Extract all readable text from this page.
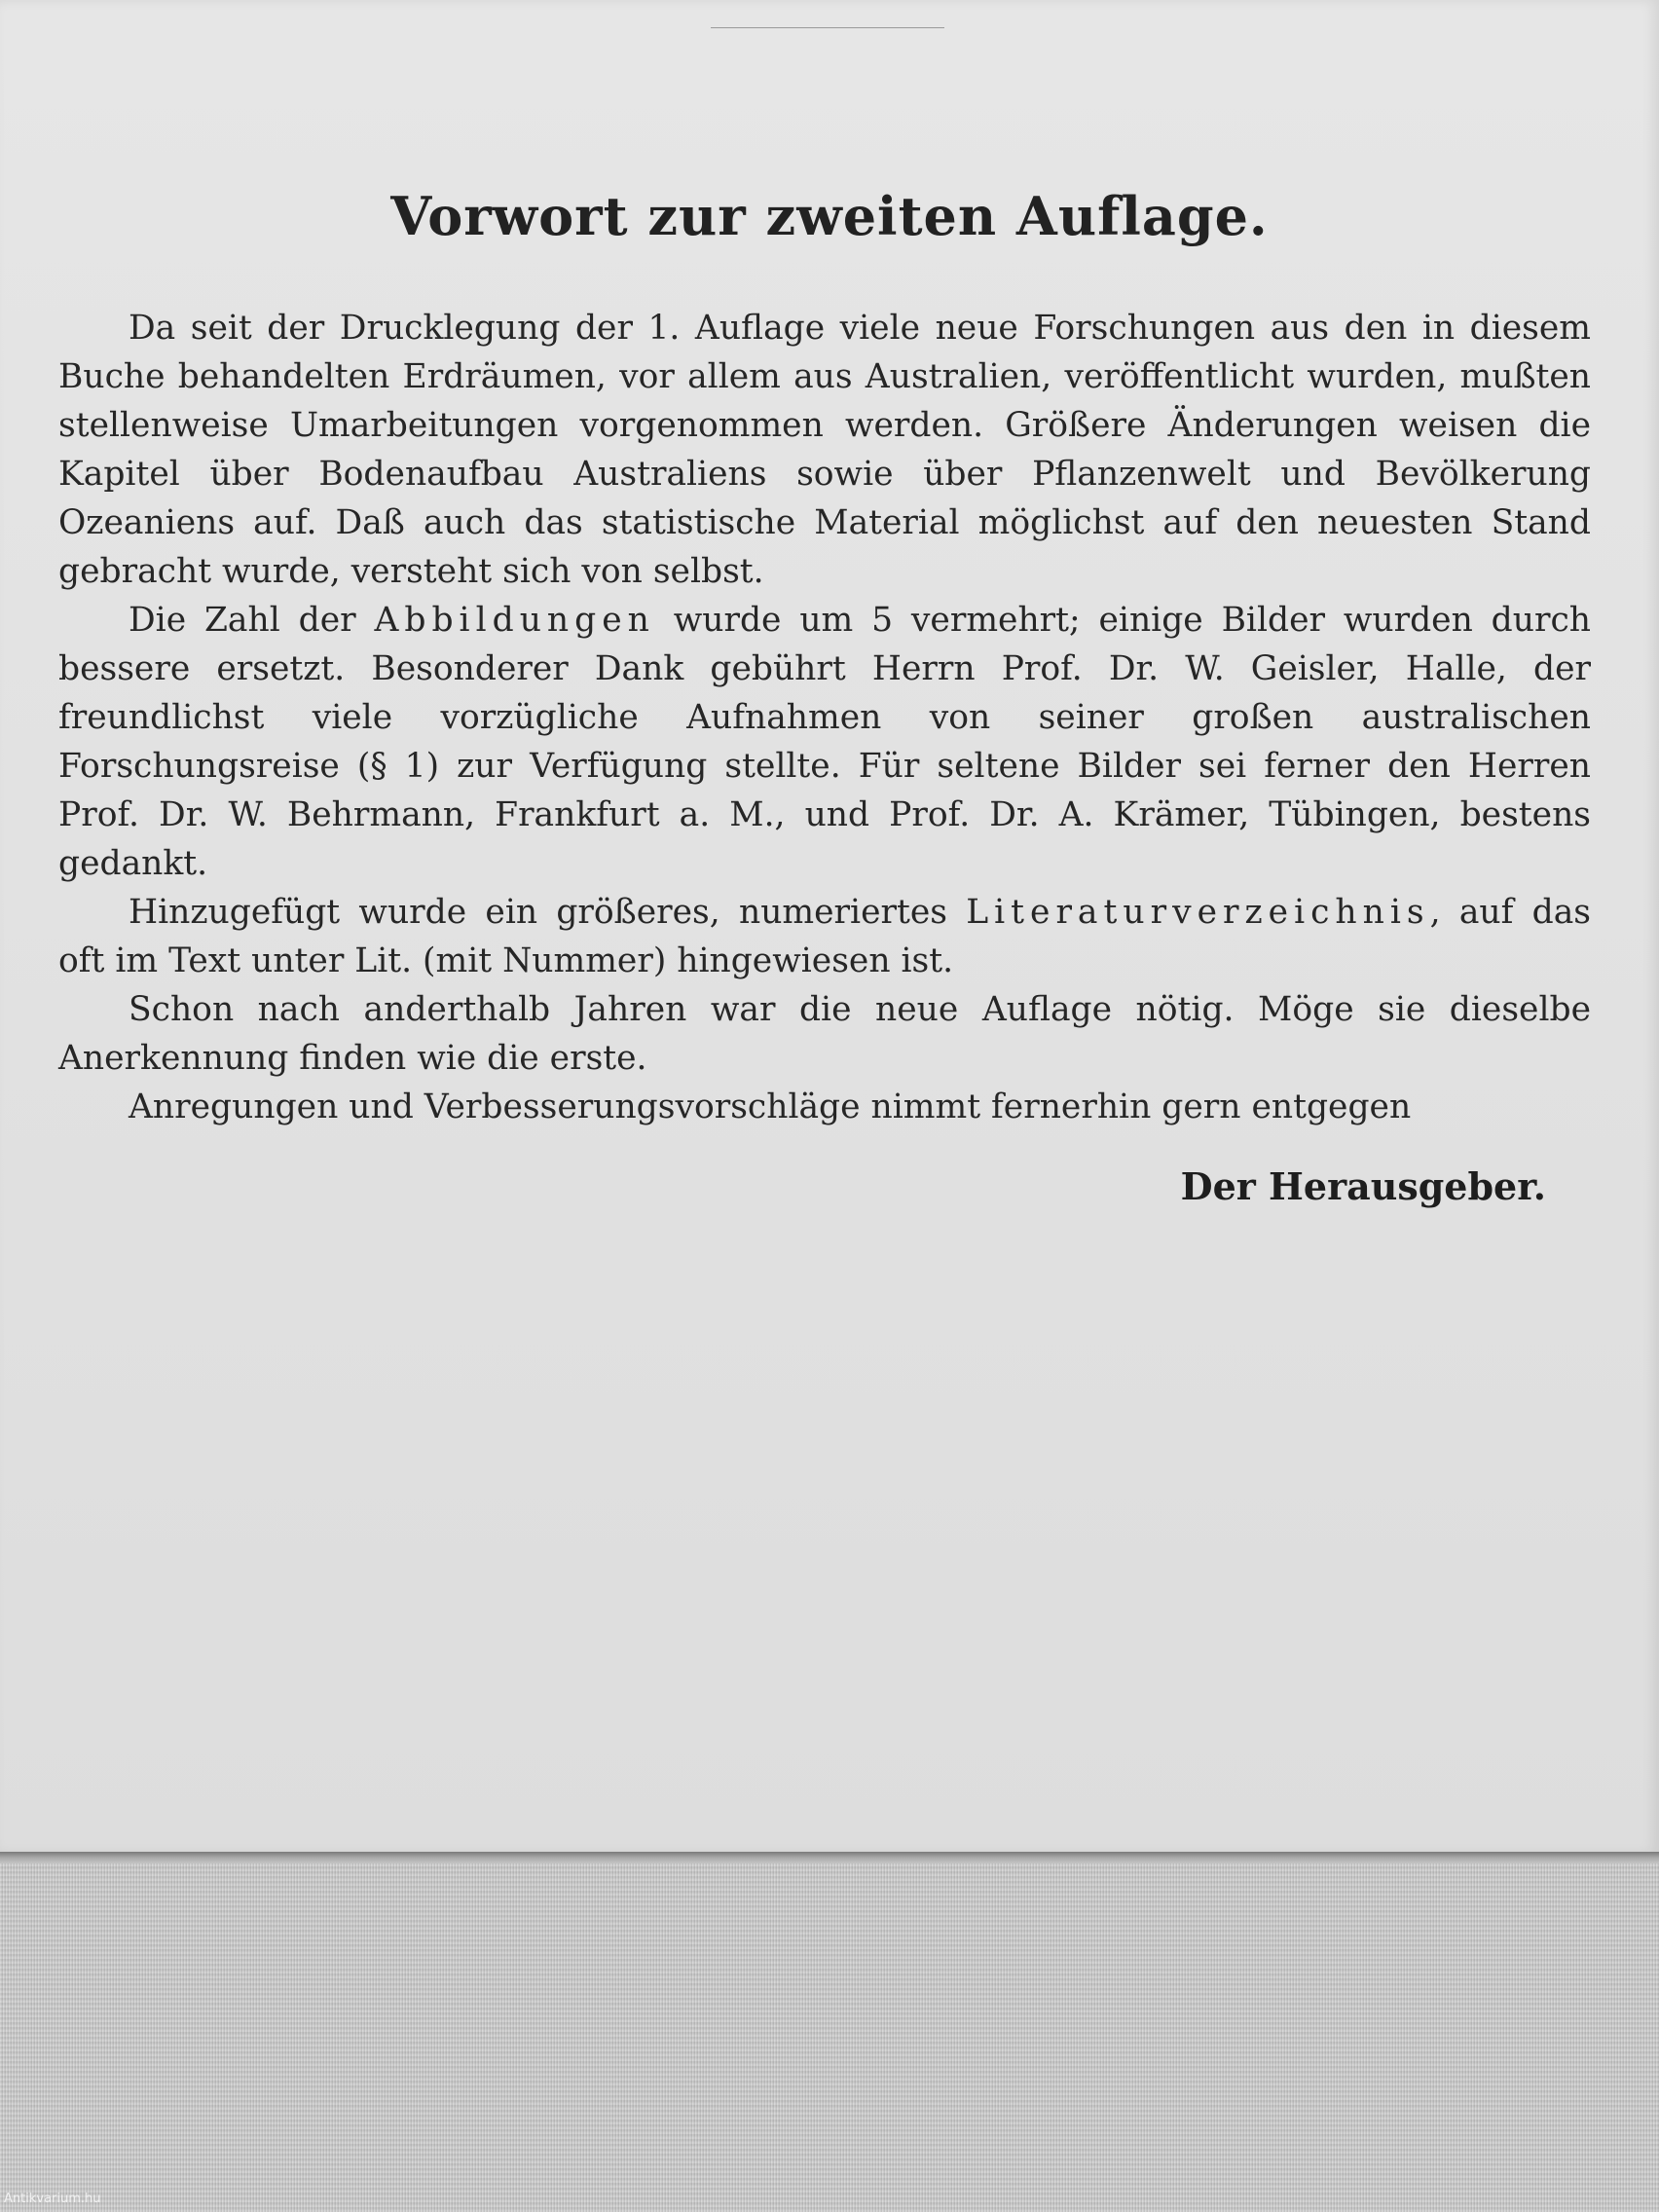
Vorwort zur zweiten Auflage.

Da seit der Drucklegung der 1. Auflage viele neue Forschungen aus den in diesem Buche behandelten Erdräumen, vor allem aus Australien, veröffentlicht wurden, mußten stellenweise Umarbeitungen vorgenommen werden. Größere Änderungen weisen die Kapitel über Bodenaufbau Australiens sowie über Pflanzenwelt und Bevölkerung Ozeaniens auf. Daß auch das statistische Material möglichst auf den neuesten Stand gebracht wurde, versteht sich von selbst.

Die Zahl der Abbildungen wurde um 5 vermehrt; einige Bilder wurden durch bessere ersetzt. Besonderer Dank gebührt Herrn Prof. Dr. W. Geisler, Halle, der freundlichst viele vorzügliche Aufnahmen von seiner großen australischen Forschungsreise (§ 1) zur Verfügung stellte. Für seltene Bilder sei ferner den Herren Prof. Dr. W. Behrmann, Frankfurt a. M., und Prof. Dr. A. Krämer, Tübingen, bestens gedankt.

Hinzugefügt wurde ein größeres, numeriertes Literaturverzeichnis, auf das oft im Text unter Lit. (mit Nummer) hingewiesen ist.

Schon nach anderthalb Jahren war die neue Auflage nötig. Möge sie dieselbe Anerkennung finden wie die erste.

Anregungen und Verbesserungsvorschläge nimmt fernerhin gern entgegen

Der Herausgeber.

Antikvarium.hu
